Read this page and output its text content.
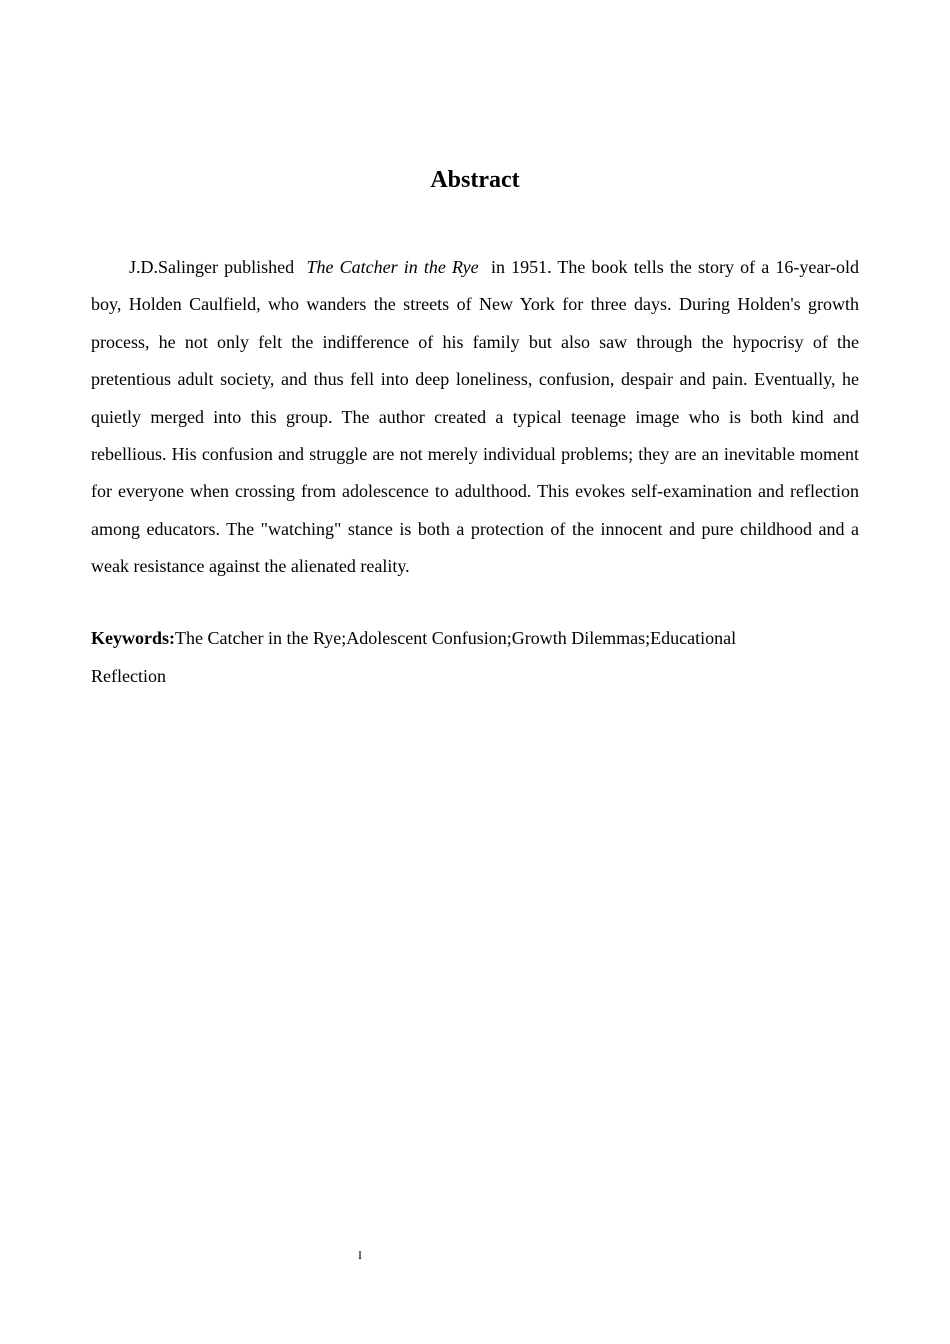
Abstract

J.D.Salinger published The Catcher in the Rye in 1951. The book tells the story of a 16-year-old boy, Holden Caulfield, who wanders the streets of New York for three days. During Holden's growth process, he not only felt the indifference of his family but also saw through the hypocrisy of the pretentious adult society, and thus fell into deep loneliness, confusion, despair and pain. Eventually, he quietly merged into this group. The author created a typical teenage image who is both kind and rebellious. His confusion and struggle are not merely individual problems; they are an inevitable moment for everyone when crossing from adolescence to adulthood. This evokes self-examination and reflection among educators. The "watching" stance is both a protection of the innocent and pure childhood and a weak resistance against the alienated reality.

Keywords:The Catcher in the Rye;Adolescent Confusion;Growth Dilemmas;Educational Reflection

I
